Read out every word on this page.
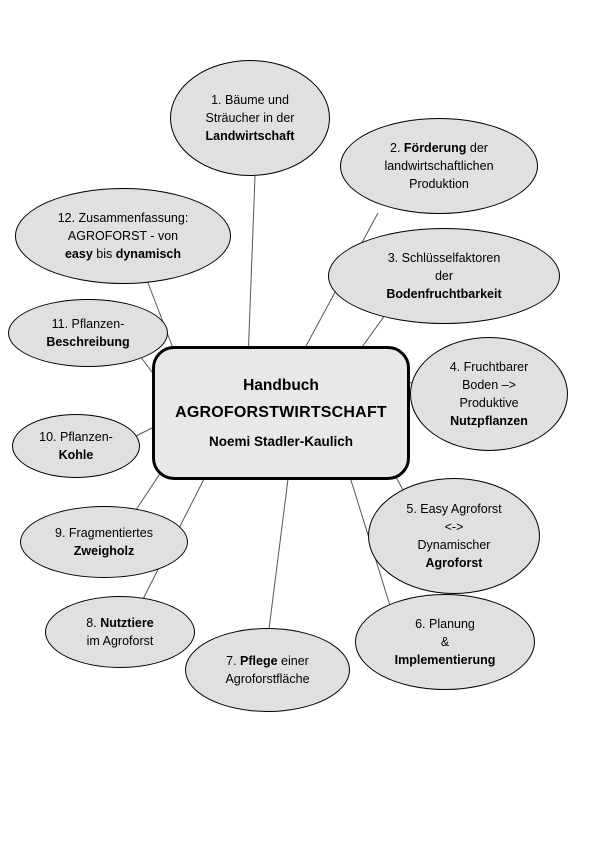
1. Bäume und
Sträucher in der
Landwirtschaft
2. Förderung der
landwirtschaftlichen
Produktion
3. Schlüsselfaktoren
der
Bodenfruchtbarkeit
4. Fruchtbarer
Boden –>
Produktive
Nutzpflanzen
5. Easy Agroforst
<->
Dynamischer
Agroforst
6. Planung
&
Implementierung
7. Pflege einer
Agroforstfläche
8. Nutztiere
im Agroforst
9. Fragmentiertes
Zweigholz
10. Pflanzen-
Kohle
11. Pflanzen-
Beschreibung
12. Zusammenfassung:
AGROFORST - von
easy bis dynamisch
Handbuch
AGROFORSTWIRTSCHAFT
Noemi Stadler-Kaulich
